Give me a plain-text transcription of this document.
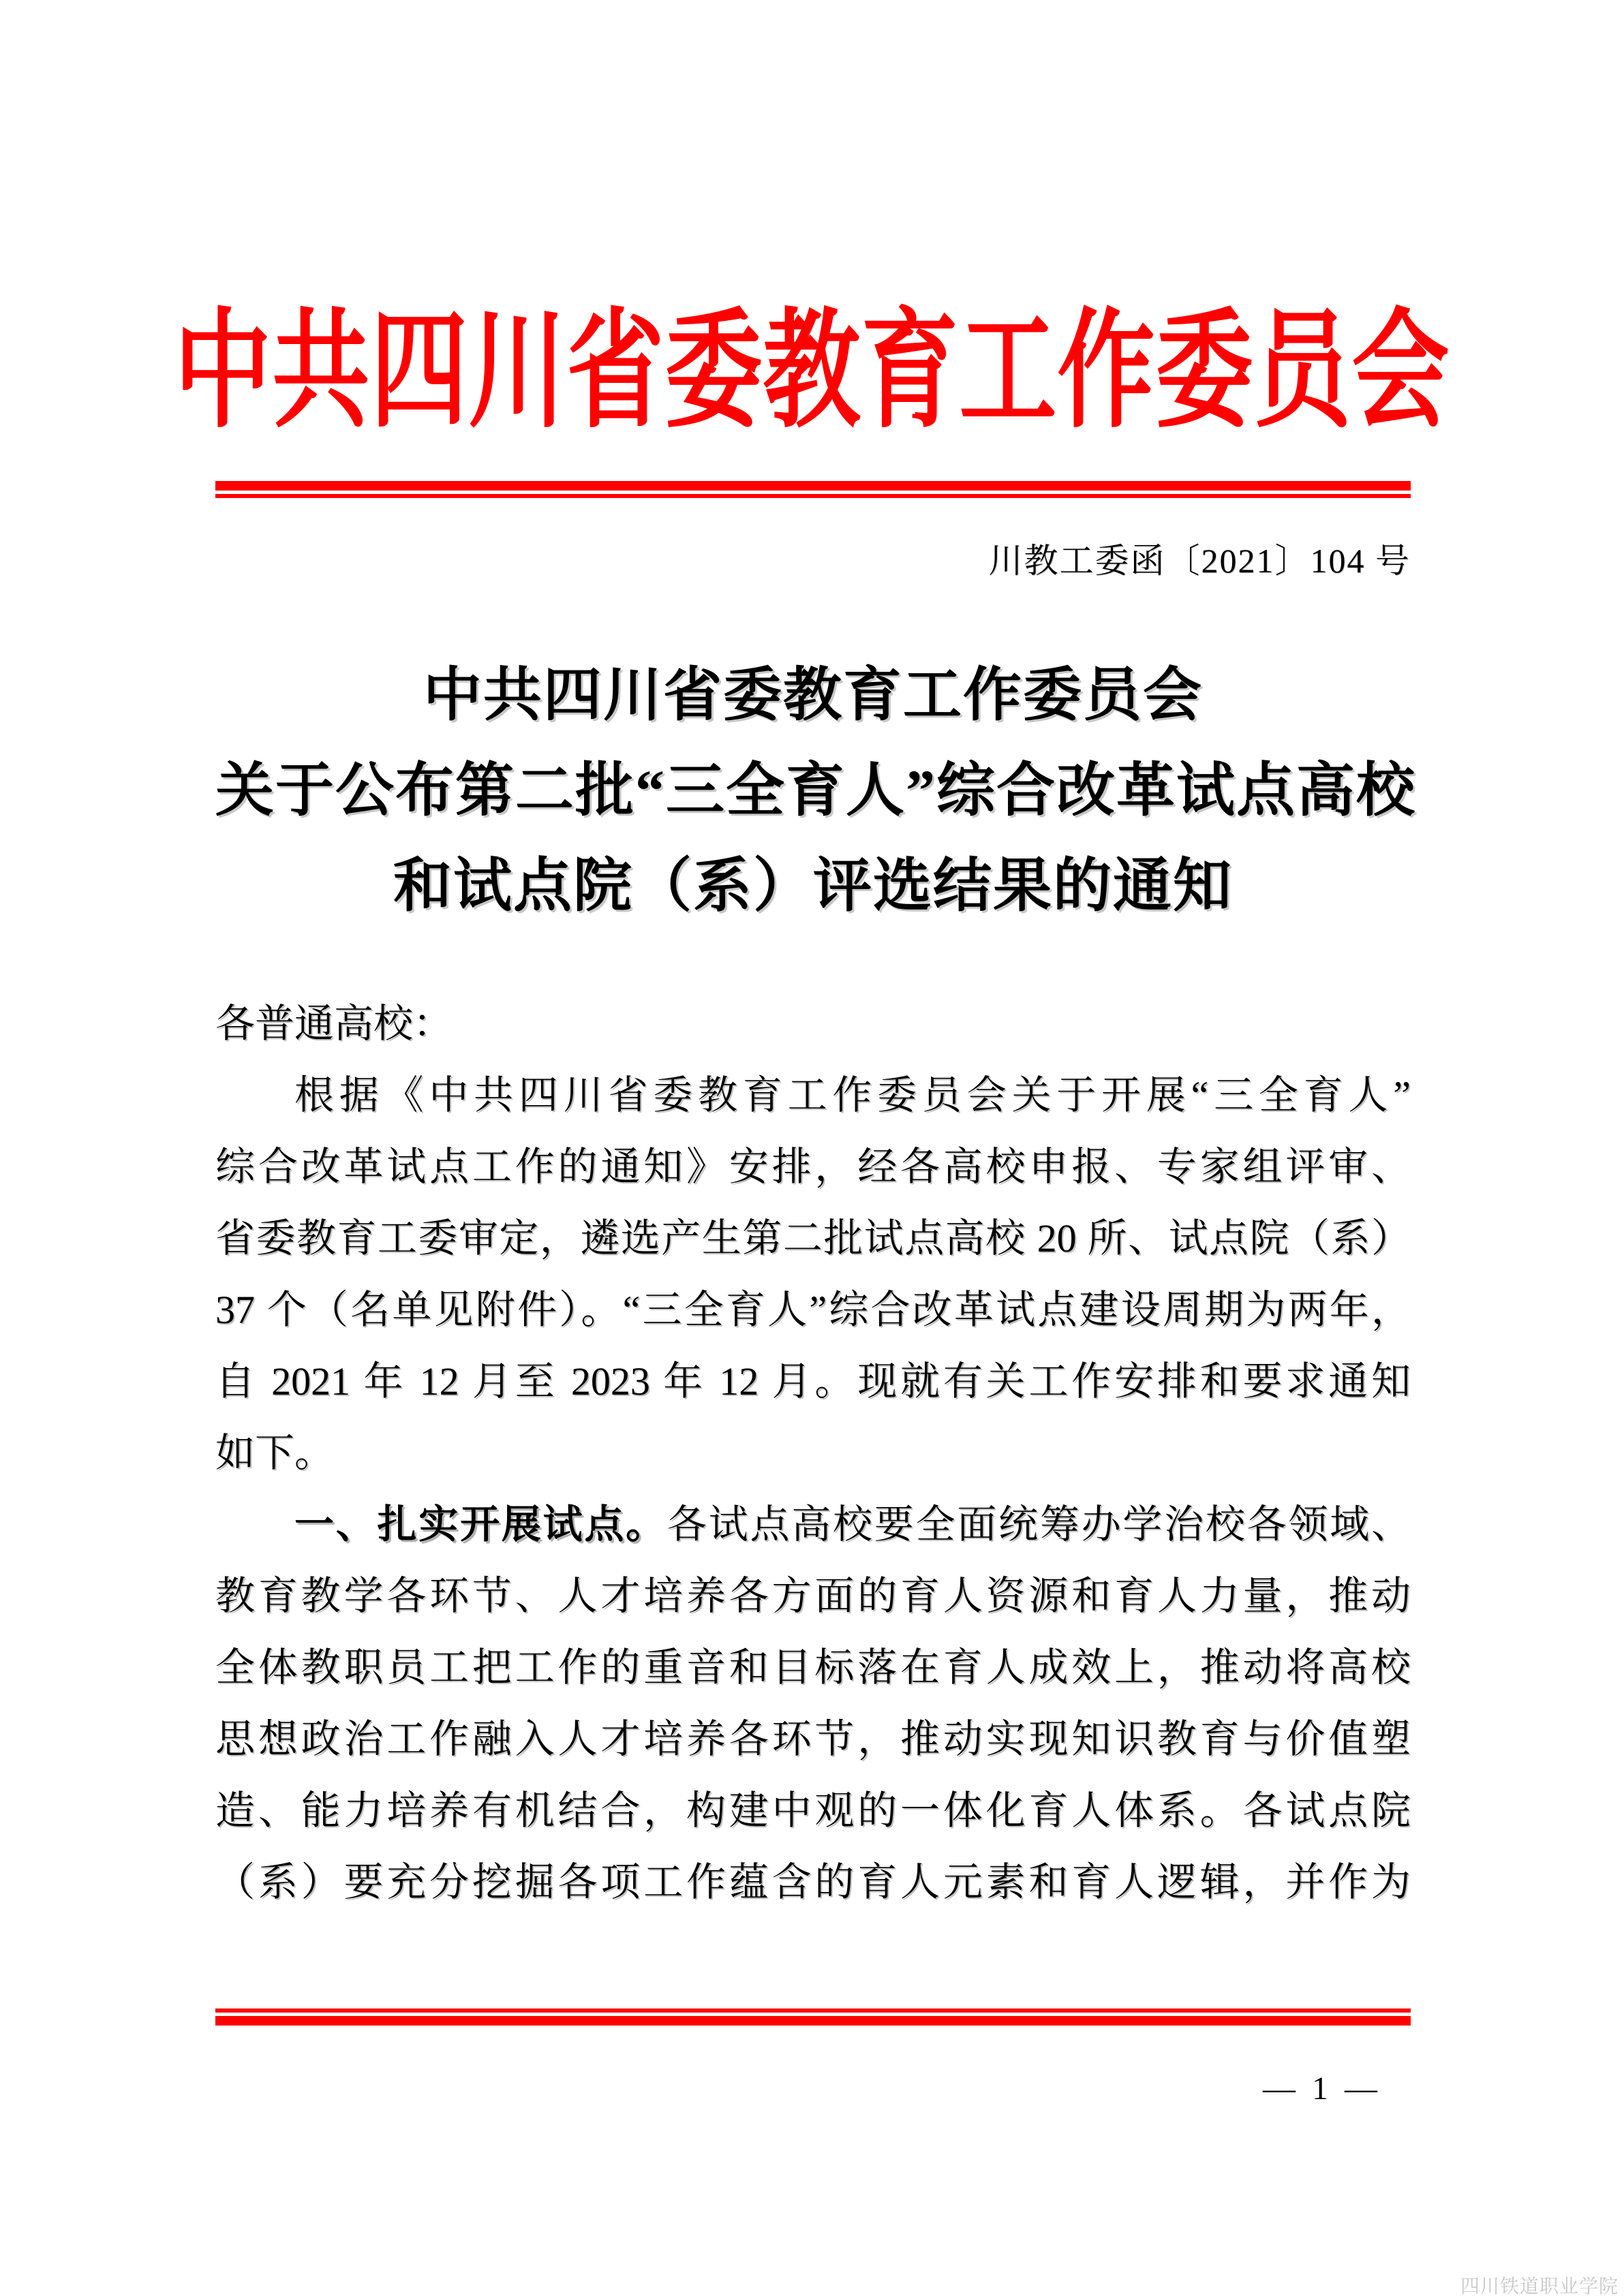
中共四川省委教育工作委员会
川教工委函〔2021〕104 号
中共四川省委教育工作委员会
关于公布第二批“三全育人”综合改革试点高校
和试点院（系）评选结果的通知
各普通高校：
根据《中共四川省委教育工作委员会关于开展“三全育人”
综合改革试点工作的通知》安排，经各高校申报、专家组评审、
省委教育工委审定，遴选产生第二批试点高校 20 所、试点院（系）
37 个（名单见附件）。“三全育人”综合改革试点建设周期为两年，
自 2021 年 12 月至 2023 年 12 月。现就有关工作安排和要求通知
如下。
一、扎实开展试点。各试点高校要全面统筹办学治校各领域、
教育教学各环节、人才培养各方面的育人资源和育人力量，推动
全体教职员工把工作的重音和目标落在育人成效上，推动将高校
思想政治工作融入人才培养各环节，推动实现知识教育与价值塑
造、能力培养有机结合，构建中观的一体化育人体系。各试点院
（系）要充分挖掘各项工作蕴含的育人元素和育人逻辑，并作为
— 1 —
四川铁道职业学院
